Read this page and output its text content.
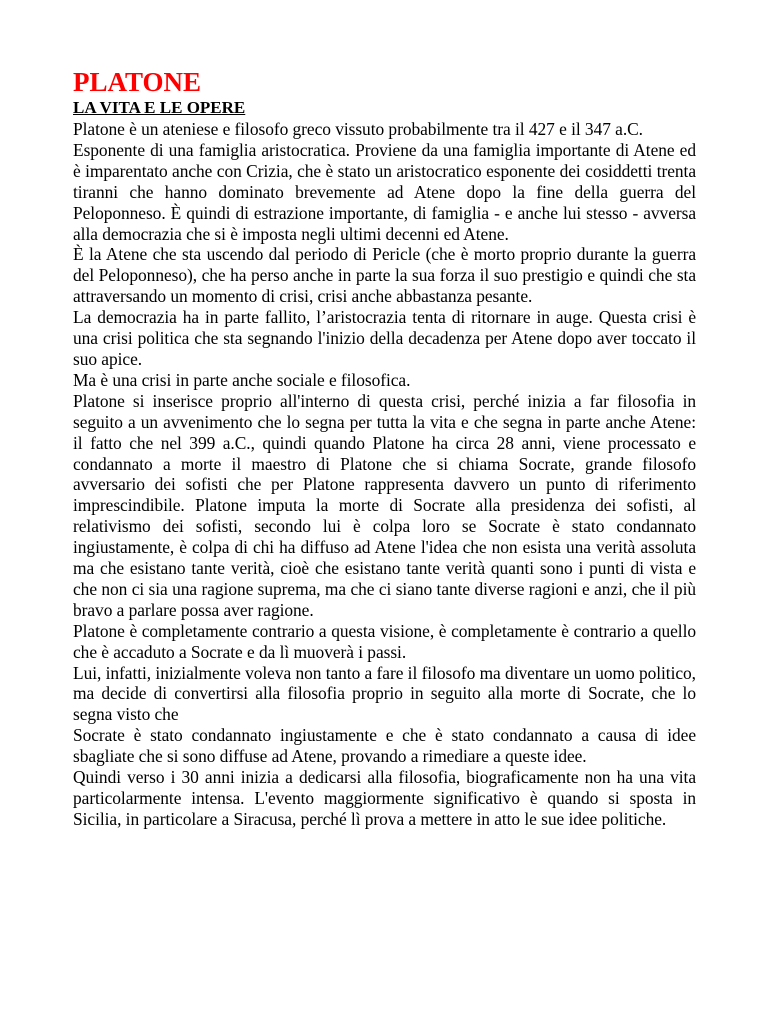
PLATONE
LA VITA E LE OPERE

Platone è un ateniese e filosofo greco vissuto probabilmente tra il 427 e il 347 a.C.

Esponente di una famiglia aristocratica. Proviene da una famiglia importante di Atene ed è imparentato anche con Crizia, che è stato un aristocratico esponente dei cosiddetti trenta tiranni che hanno dominato brevemente ad Atene dopo la fine della guerra del Peloponneso. È quindi di estrazione importante, di famiglia - e anche lui stesso - avversa alla democrazia che si è imposta negli ultimi decenni ed Atene.

È la Atene che sta uscendo dal periodo di Pericle (che è morto proprio durante la guerra del Peloponneso), che ha perso anche in parte la sua forza il suo prestigio e quindi che sta attraversando un momento di crisi, crisi anche abbastanza pesante.

La democrazia ha in parte fallito, l’aristocrazia tenta di ritornare in auge. Questa crisi è una crisi politica che sta segnando l'inizio della decadenza per Atene dopo aver toccato il suo apice.

Ma è una crisi in parte anche sociale e filosofica.

Platone si inserisce proprio all'interno di questa crisi, perché inizia a far filosofia in seguito a un avvenimento che lo segna per tutta la vita e che segna in parte anche Atene: il fatto che nel 399 a.C., quindi quando Platone ha circa 28 anni, viene processato e condannato a morte il maestro di Platone che si chiama Socrate, grande filosofo avversario dei sofisti che per Platone rappresenta davvero un punto di riferimento imprescindibile. Platone imputa la morte di Socrate alla presidenza dei sofisti, al relativismo dei sofisti, secondo lui è colpa loro se Socrate è stato condannato ingiustamente, è colpa di chi ha diffuso ad Atene l'idea che non esista una verità assoluta ma che esistano tante verità, cioè che esistano tante verità quanti sono i punti di vista e che non ci sia una ragione suprema, ma che ci siano tante diverse ragioni e anzi, che il più bravo a parlare possa aver ragione.

Platone è completamente contrario a questa visione, è completamente è contrario a quello che è accaduto a Socrate e da lì muoverà i passi.

Lui, infatti, inizialmente voleva non tanto a fare il filosofo ma diventare un uomo politico, ma decide di convertirsi alla filosofia proprio in seguito alla morte di Socrate, che lo segna visto che

Socrate è stato condannato ingiustamente e che è stato condannato a causa di idee sbagliate che si sono diffuse ad Atene, provando a rimediare a queste idee.

Quindi verso i 30 anni inizia a dedicarsi alla filosofia, biograficamente non ha una vita particolarmente intensa. L'evento maggiormente significativo è quando si sposta in Sicilia, in particolare a Siracusa, perché lì prova a mettere in atto le sue idee politiche.
